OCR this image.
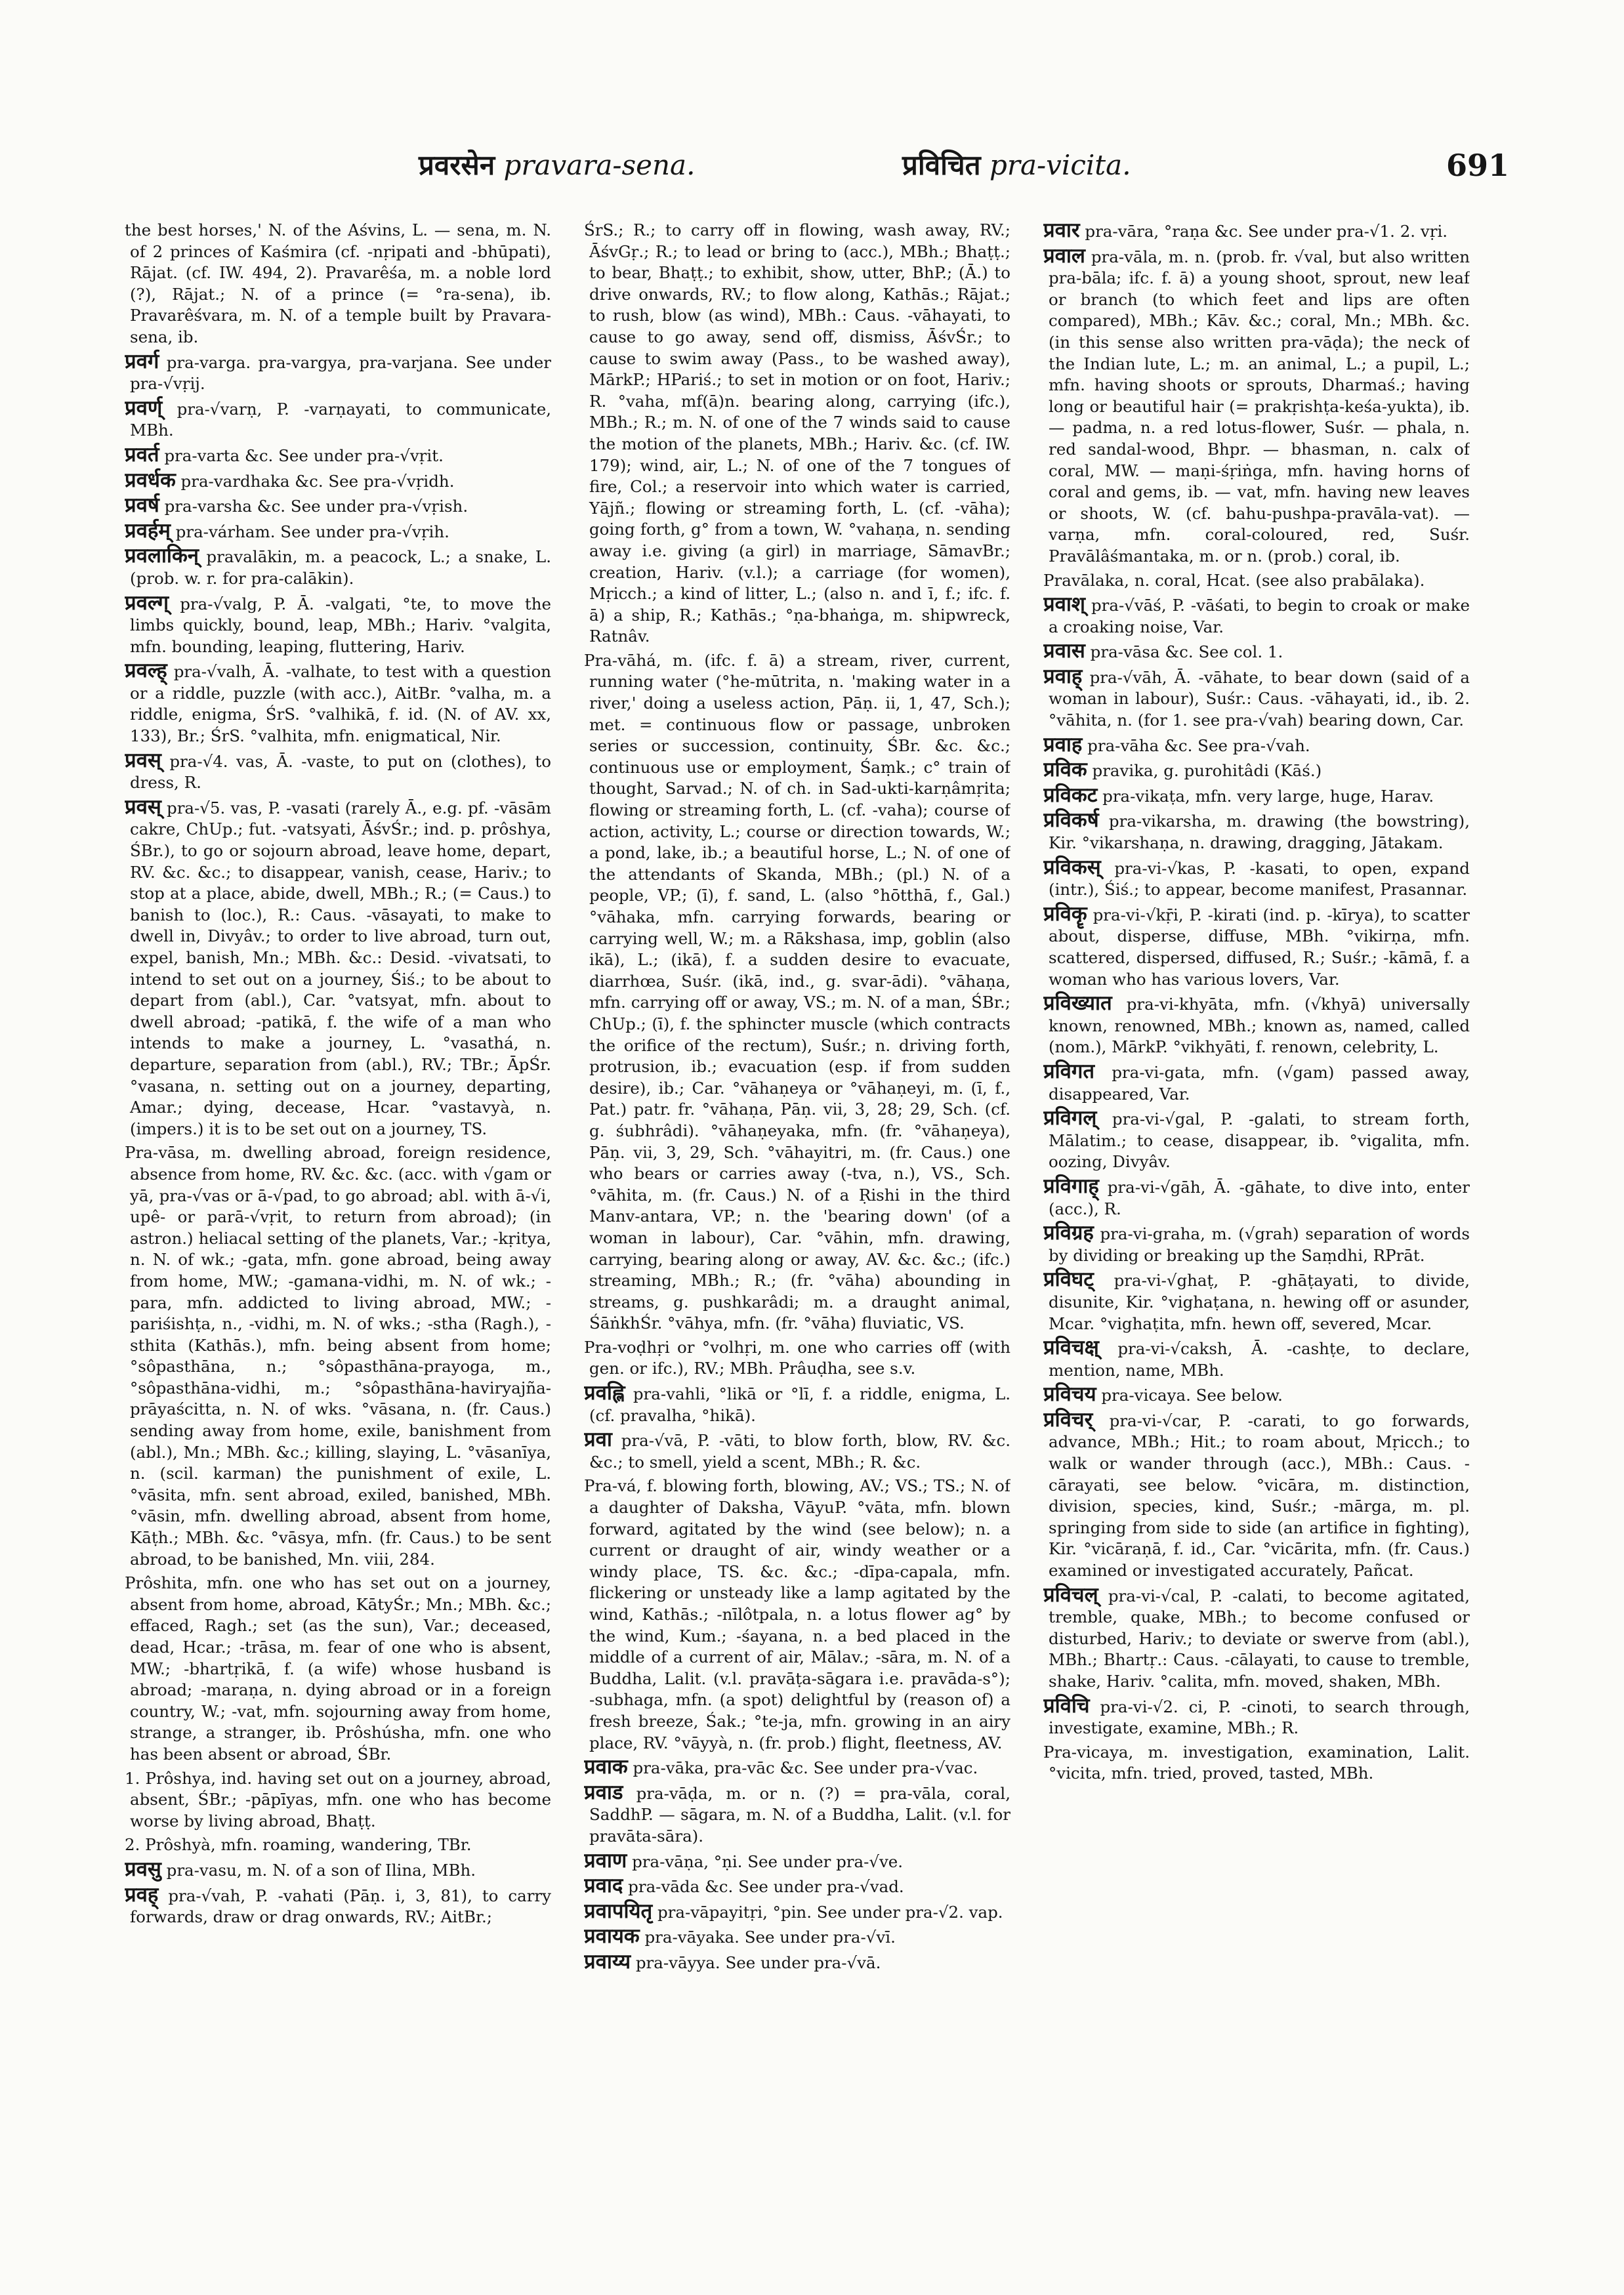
प्रवरसेन pravara-sena.	प्रविचित pra-vicita.	691

the best horses,' N. of the Aśvins, L. — sena, m. N. of 2 princes of Kaśmira (cf. -nṛipati and -bhūpati), Rājat. (cf. IW. 494, 2). Pravarêśa, m. a noble lord (?), Rājat.; N. of a prince (= °ra-sena), ib. Pravarêśvara, m. N. of a temple built by Pravara-sena, ib.

प्रवर्ग pra-varga. pra-vargya, pra-varjana. See under pra-√vṛij.

प्रवर्ण् pra-√varṇ, P. -varṇayati, to communicate, MBh.

प्रवर्त pra-varta &c. See under pra-√vṛit.

प्रवर्धक pra-vardhaka &c. See pra-√vṛidh.

प्रवर्ष pra-varsha &c. See under pra-√vṛish.

प्रवर्हम् pra-várham. See under pra-√vṛih.

प्रवलाकिन् pravalākin, m. a peacock, L.; a snake, L. (prob. w. r. for pra-calākin).

प्रवल्ग् pra-√valg, P. Ā. -valgati, °te, to move the limbs quickly, bound, leap, MBh.; Hariv. °valgita, mfn. bounding, leaping, fluttering, Hariv.

प्रवल्ह् pra-√valh, Ā. -valhate, to test with a question or a riddle, puzzle (with acc.), AitBr. °valha, m. a riddle, enigma, ŚrS. °valhikā, f. id. (N. of AV. xx, 133), Br.; ŚrS. °valhita, mfn. enigmatical, Nir.

प्रवस् pra-√4. vas, Ā. -vaste, to put on (clothes), to dress, R.

प्रवस् pra-√5. vas, P. -vasati (rarely Ā., e.g. pf. -vāsām cakre, ChUp.; fut. -vatsyati, ĀśvŚr.; ind. p. prôshya, ŚBr.), to go or sojourn abroad, leave home, depart, RV. &c. &c.; to disappear, vanish, cease, Hariv.; to stop at a place, abide, dwell, MBh.; R.; (= Caus.) to banish to (loc.), R.: Caus. -vāsayati, to make to dwell in, Divyâv.; to order to live abroad, turn out, expel, banish, Mn.; MBh. &c.: Desid. -vivatsati, to intend to set out on a journey, Śiś.; to be about to depart from (abl.), Car. °vatsyat, mfn. about to dwell abroad; -patikā, f. the wife of a man who intends to make a journey, L. °vasathá, n. departure, separation from (abl.), RV.; TBr.; ĀpŚr. °vasana, n. setting out on a journey, departing, Amar.; dying, decease, Hcar. °vastavyà, n. (impers.) it is to be set out on a journey, TS.

Pra-vāsa, m. dwelling abroad, foreign residence, absence from home, RV. &c. &c. (acc. with √gam or yā, pra-√vas or ā-√pad, to go abroad; abl. with ā-√i, upê- or parā-√vṛit, to return from abroad); (in astron.) heliacal setting of the planets, Var.; -kṛitya, n. N. of wk.; -gata, mfn. gone abroad, being away from home, MW.; -gamana-vidhi, m. N. of wk.; -para, mfn. addicted to living abroad, MW.; -pariśishṭa, n., -vidhi, m. N. of wks.; -stha (Ragh.), -sthita (Kathās.), mfn. being absent from home; °sôpasthāna, n.; °sôpasthāna-prayoga, m., °sôpasthāna-vidhi, m.; °sôpasthāna-haviryajña-prāyaścitta, n. N. of wks. °vāsana, n. (fr. Caus.) sending away from home, exile, banishment from (abl.), Mn.; MBh. &c.; killing, slaying, L. °vāsanīya, n. (scil. karman) the punishment of exile, L. °vāsita, mfn. sent abroad, exiled, banished, MBh. °vāsin, mfn. dwelling abroad, absent from home, Kāṭh.; MBh. &c. °vāsya, mfn. (fr. Caus.) to be sent abroad, to be banished, Mn. viii, 284.

Prôshita, mfn. one who has set out on a journey, absent from home, abroad, KātyŚr.; Mn.; MBh. &c.; effaced, Ragh.; set (as the sun), Var.; deceased, dead, Hcar.; -trāsa, m. fear of one who is absent, MW.; -bhartṛikā, f. (a wife) whose husband is abroad; -maraṇa, n. dying abroad or in a foreign country, W.; -vat, mfn. sojourning away from home, strange, a stranger, ib. Prôshúsha, mfn. one who has been absent or abroad, ŚBr.

1. Prôshya, ind. having set out on a journey, abroad, absent, ŚBr.; -pāpīyas, mfn. one who has become worse by living abroad, Bhaṭṭ.

2. Prôshyà, mfn. roaming, wandering, TBr.

प्रवसु pra-vasu, m. N. of a son of Ilina, MBh.

प्रवह् pra-√vah, P. -vahati (Pāṇ. i, 3, 81), to carry forwards, draw or drag onwards, RV.; AitBr.;

ŚrS.; R.; to carry off in flowing, wash away, RV.; ĀśvGṛ.; R.; to lead or bring to (acc.), MBh.; Bhaṭṭ.; to bear, Bhaṭṭ.; to exhibit, show, utter, BhP.; (Ā.) to drive onwards, RV.; to flow along, Kathās.; Rājat.; to rush, blow (as wind), MBh.: Caus. -vāhayati, to cause to go away, send off, dismiss, ĀśvŚr.; to cause to swim away (Pass., to be washed away), MārkP.; HPariś.; to set in motion or on foot, Hariv.; R. °vaha, mf(ā)n. bearing along, carrying (ifc.), MBh.; R.; m. N. of one of the 7 winds said to cause the motion of the planets, MBh.; Hariv. &c. (cf. IW. 179); wind, air, L.; N. of one of the 7 tongues of fire, Col.; a reservoir into which water is carried, Yājñ.; flowing or streaming forth, L. (cf. -vāha); going forth, g° from a town, W. °vahaṇa, n. sending away i.e. giving (a girl) in marriage, SāmavBr.; creation, Hariv. (v.l.); a carriage (for women), Mṛicch.; a kind of litter, L.; (also n. and ī, f.; ifc. f. ā) a ship, R.; Kathās.; °ṇa-bhaṅga, m. shipwreck, Ratnâv.

Pra-vāhá, m. (ifc. f. ā) a stream, river, current, running water (°he-mūtrita, n. 'making water in a river,' doing a useless action, Pāṇ. ii, 1, 47, Sch.); met. = continuous flow or passage, unbroken series or succession, continuity, ŚBr. &c. &c.; continuous use or employment, Śaṃk.; c° train of thought, Sarvad.; N. of ch. in Sad-ukti-karṇâmṛita; flowing or streaming forth, L. (cf. -vaha); course of action, activity, L.; course or direction towards, W.; a pond, lake, ib.; a beautiful horse, L.; N. of one of the attendants of Skanda, MBh.; (pl.) N. of a people, VP.; (ī), f. sand, L. (also °hōtthā, f., Gal.) °vāhaka, mfn. carrying forwards, bearing or carrying well, W.; m. a Rākshasa, imp, goblin (also ikā), L.; (ikā), f. a sudden desire to evacuate, diarrhœa, Suśr. (ikā, ind., g. svar-ādi). °vāhaṇa, mfn. carrying off or away, VS.; m. N. of a man, ŚBr.; ChUp.; (ī), f. the sphincter muscle (which contracts the orifice of the rectum), Suśr.; n. driving forth, protrusion, ib.; evacuation (esp. if from sudden desire), ib.; Car. °vāhaṇeya or °vāhaṇeyi, m. (ī, f., Pat.) patr. fr. °vāhaṇa, Pāṇ. vii, 3, 28; 29, Sch. (cf. g. śubhrâdi). °vāhaṇeyaka, mfn. (fr. °vāhaṇeya), Pāṇ. vii, 3, 29, Sch. °vāhayitri, m. (fr. Caus.) one who bears or carries away (-tva, n.), VS., Sch. °vāhita, m. (fr. Caus.) N. of a Ṛishi in the third Manv-antara, VP.; n. the 'bearing down' (of a woman in labour), Car. °vāhin, mfn. drawing, carrying, bearing along or away, AV. &c. &c.; (ifc.) streaming, MBh.; R.; (fr. °vāha) abounding in streams, g. pushkarâdi; m. a draught animal, ŚāṅkhŚr. °vāhya, mfn. (fr. °vāha) fluviatic, VS.

Pra-voḍhṛi or °volhṛi, m. one who carries off (with gen. or ifc.), RV.; MBh. Prâuḍha, see s.v.

प्रवह्लि pra-vahli, °likā or °lī, f. a riddle, enigma, L. (cf. pravalha, °hikā).

प्रवा pra-√vā, P. -vāti, to blow forth, blow, RV. &c. &c.; to smell, yield a scent, MBh.; R. &c.

Pra-vá, f. blowing forth, blowing, AV.; VS.; TS.; N. of a daughter of Daksha, VāyuP. °vāta, mfn. blown forward, agitated by the wind (see below); n. a current or draught of air, windy weather or a windy place, TS. &c. &c.; -dīpa-capala, mfn. flickering or unsteady like a lamp agitated by the wind, Kathās.; -nīlôtpala, n. a lotus flower ag° by the wind, Kum.; -śayana, n. a bed placed in the middle of a current of air, Mālav.; -sāra, m. N. of a Buddha, Lalit. (v.l. pravāṭa-sāgara i.e. pravāda-s°); -subhaga, mfn. (a spot) delightful by (reason of) a fresh breeze, Śak.; °te-ja, mfn. growing in an airy place, RV. °vāyyà, n. (fr. prob.) flight, fleetness, AV.

प्रवाक pra-vāka, pra-vāc &c. See under pra-√vac.

प्रवाड pra-vāḍa, m. or n. (?) = pra-vāla, coral, SaddhP. — sāgara, m. N. of a Buddha, Lalit. (v.l. for pravāta-sāra).

प्रवाण pra-vāṇa, °ṇi. See under pra-√ve.

प्रवाद pra-vāda &c. See under pra-√vad.

प्रवापयितृ pra-vāpayitṛi, °pin. See under pra-√2. vap.

प्रवायक pra-vāyaka. See under pra-√vī.

प्रवाय्य pra-vāyya. See under pra-√vā.

प्रवार pra-vāra, °raṇa &c. See under pra-√1. 2. vṛi.

प्रवाल pra-vāla, m. n. (prob. fr. √val, but also written pra-bāla; ifc. f. ā) a young shoot, sprout, new leaf or branch (to which feet and lips are often compared), MBh.; Kāv. &c.; coral, Mn.; MBh. &c. (in this sense also written pra-vāḍa); the neck of the Indian lute, L.; m. an animal, L.; a pupil, L.; mfn. having shoots or sprouts, Dharmaś.; having long or beautiful hair (= prakṛishṭa-keśa-yukta), ib. — padma, n. a red lotus-flower, Suśr. — phala, n. red sandal-wood, Bhpr. — bhasman, n. calx of coral, MW. — maṇi-śṛiṅga, mfn. having horns of coral and gems, ib. — vat, mfn. having new leaves or shoots, W. (cf. bahu-pushpa-pravāla-vat). — varṇa, mfn. coral-coloured, red, Suśr. Pravālâśmantaka, m. or n. (prob.) coral, ib.

Pravālaka, n. coral, Hcat. (see also prabālaka).

प्रवाश् pra-√vāś, P. -vāśati, to begin to croak or make a croaking noise, Var.

प्रवास pra-vāsa &c. See col. 1.

प्रवाह् pra-√vāh, Ā. -vāhate, to bear down (said of a woman in labour), Suśr.: Caus. -vāhayati, id., ib. 2. °vāhita, n. (for 1. see pra-√vah) bearing down, Car.

प्रवाह pra-vāha &c. See pra-√vah.

प्रविक pravika, g. purohitâdi (Kāś.)

प्रविकट pra-vikaṭa, mfn. very large, huge, Harav.

प्रविकर्ष pra-vikarsha, m. drawing (the bowstring), Kir. °vikarshaṇa, n. drawing, dragging, Jātakam.

प्रविकस् pra-vi-√kas, P. -kasati, to open, expand (intr.), Śiś.; to appear, become manifest, Prasannar.

प्रविकॄ pra-vi-√kṝi, P. -kirati (ind. p. -kīrya), to scatter about, disperse, diffuse, MBh. °vikirṇa, mfn. scattered, dispersed, diffused, R.; Suśr.; -kāmā, f. a woman who has various lovers, Var.

प्रविख्यात pra-vi-khyāta, mfn. (√khyā) universally known, renowned, MBh.; known as, named, called (nom.), MārkP. °vikhyāti, f. renown, celebrity, L.

प्रविगत pra-vi-gata, mfn. (√gam) passed away, disappeared, Var.

प्रविगल् pra-vi-√gal, P. -galati, to stream forth, Mālatim.; to cease, disappear, ib. °vigalita, mfn. oozing, Divyâv.

प्रविगाह् pra-vi-√gāh, Ā. -gāhate, to dive into, enter (acc.), R.

प्रविग्रह pra-vi-graha, m. (√grah) separation of words by dividing or breaking up the Saṃdhi, RPrāt.

प्रविघट् pra-vi-√ghaṭ, P. -ghāṭayati, to divide, disunite, Kir. °vighaṭana, n. hewing off or asunder, Mcar. °vighaṭita, mfn. hewn off, severed, Mcar.

प्रविचक्ष् pra-vi-√caksh, Ā. -cashṭe, to declare, mention, name, MBh.

प्रविचय pra-vicaya. See below.

प्रविचर् pra-vi-√car, P. -carati, to go forwards, advance, MBh.; Hit.; to roam about, Mṛicch.; to walk or wander through (acc.), MBh.: Caus. -cārayati, see below. °vicāra, m. distinction, division, species, kind, Suśr.; -mārga, m. pl. springing from side to side (an artifice in fighting), Kir. °vicāraṇā, f. id., Car. °vicārita, mfn. (fr. Caus.) examined or investigated accurately, Pañcat.

प्रविचल् pra-vi-√cal, P. -calati, to become agitated, tremble, quake, MBh.; to become confused or disturbed, Hariv.; to deviate or swerve from (abl.), MBh.; Bhartṛ.: Caus. -cālayati, to cause to tremble, shake, Hariv. °calita, mfn. moved, shaken, MBh.

प्रविचि pra-vi-√2. ci, P. -cinoti, to search through, investigate, examine, MBh.; R.

Pra-vicaya, m. investigation, examination, Lalit. °vicita, mfn. tried, proved, tasted, MBh.
